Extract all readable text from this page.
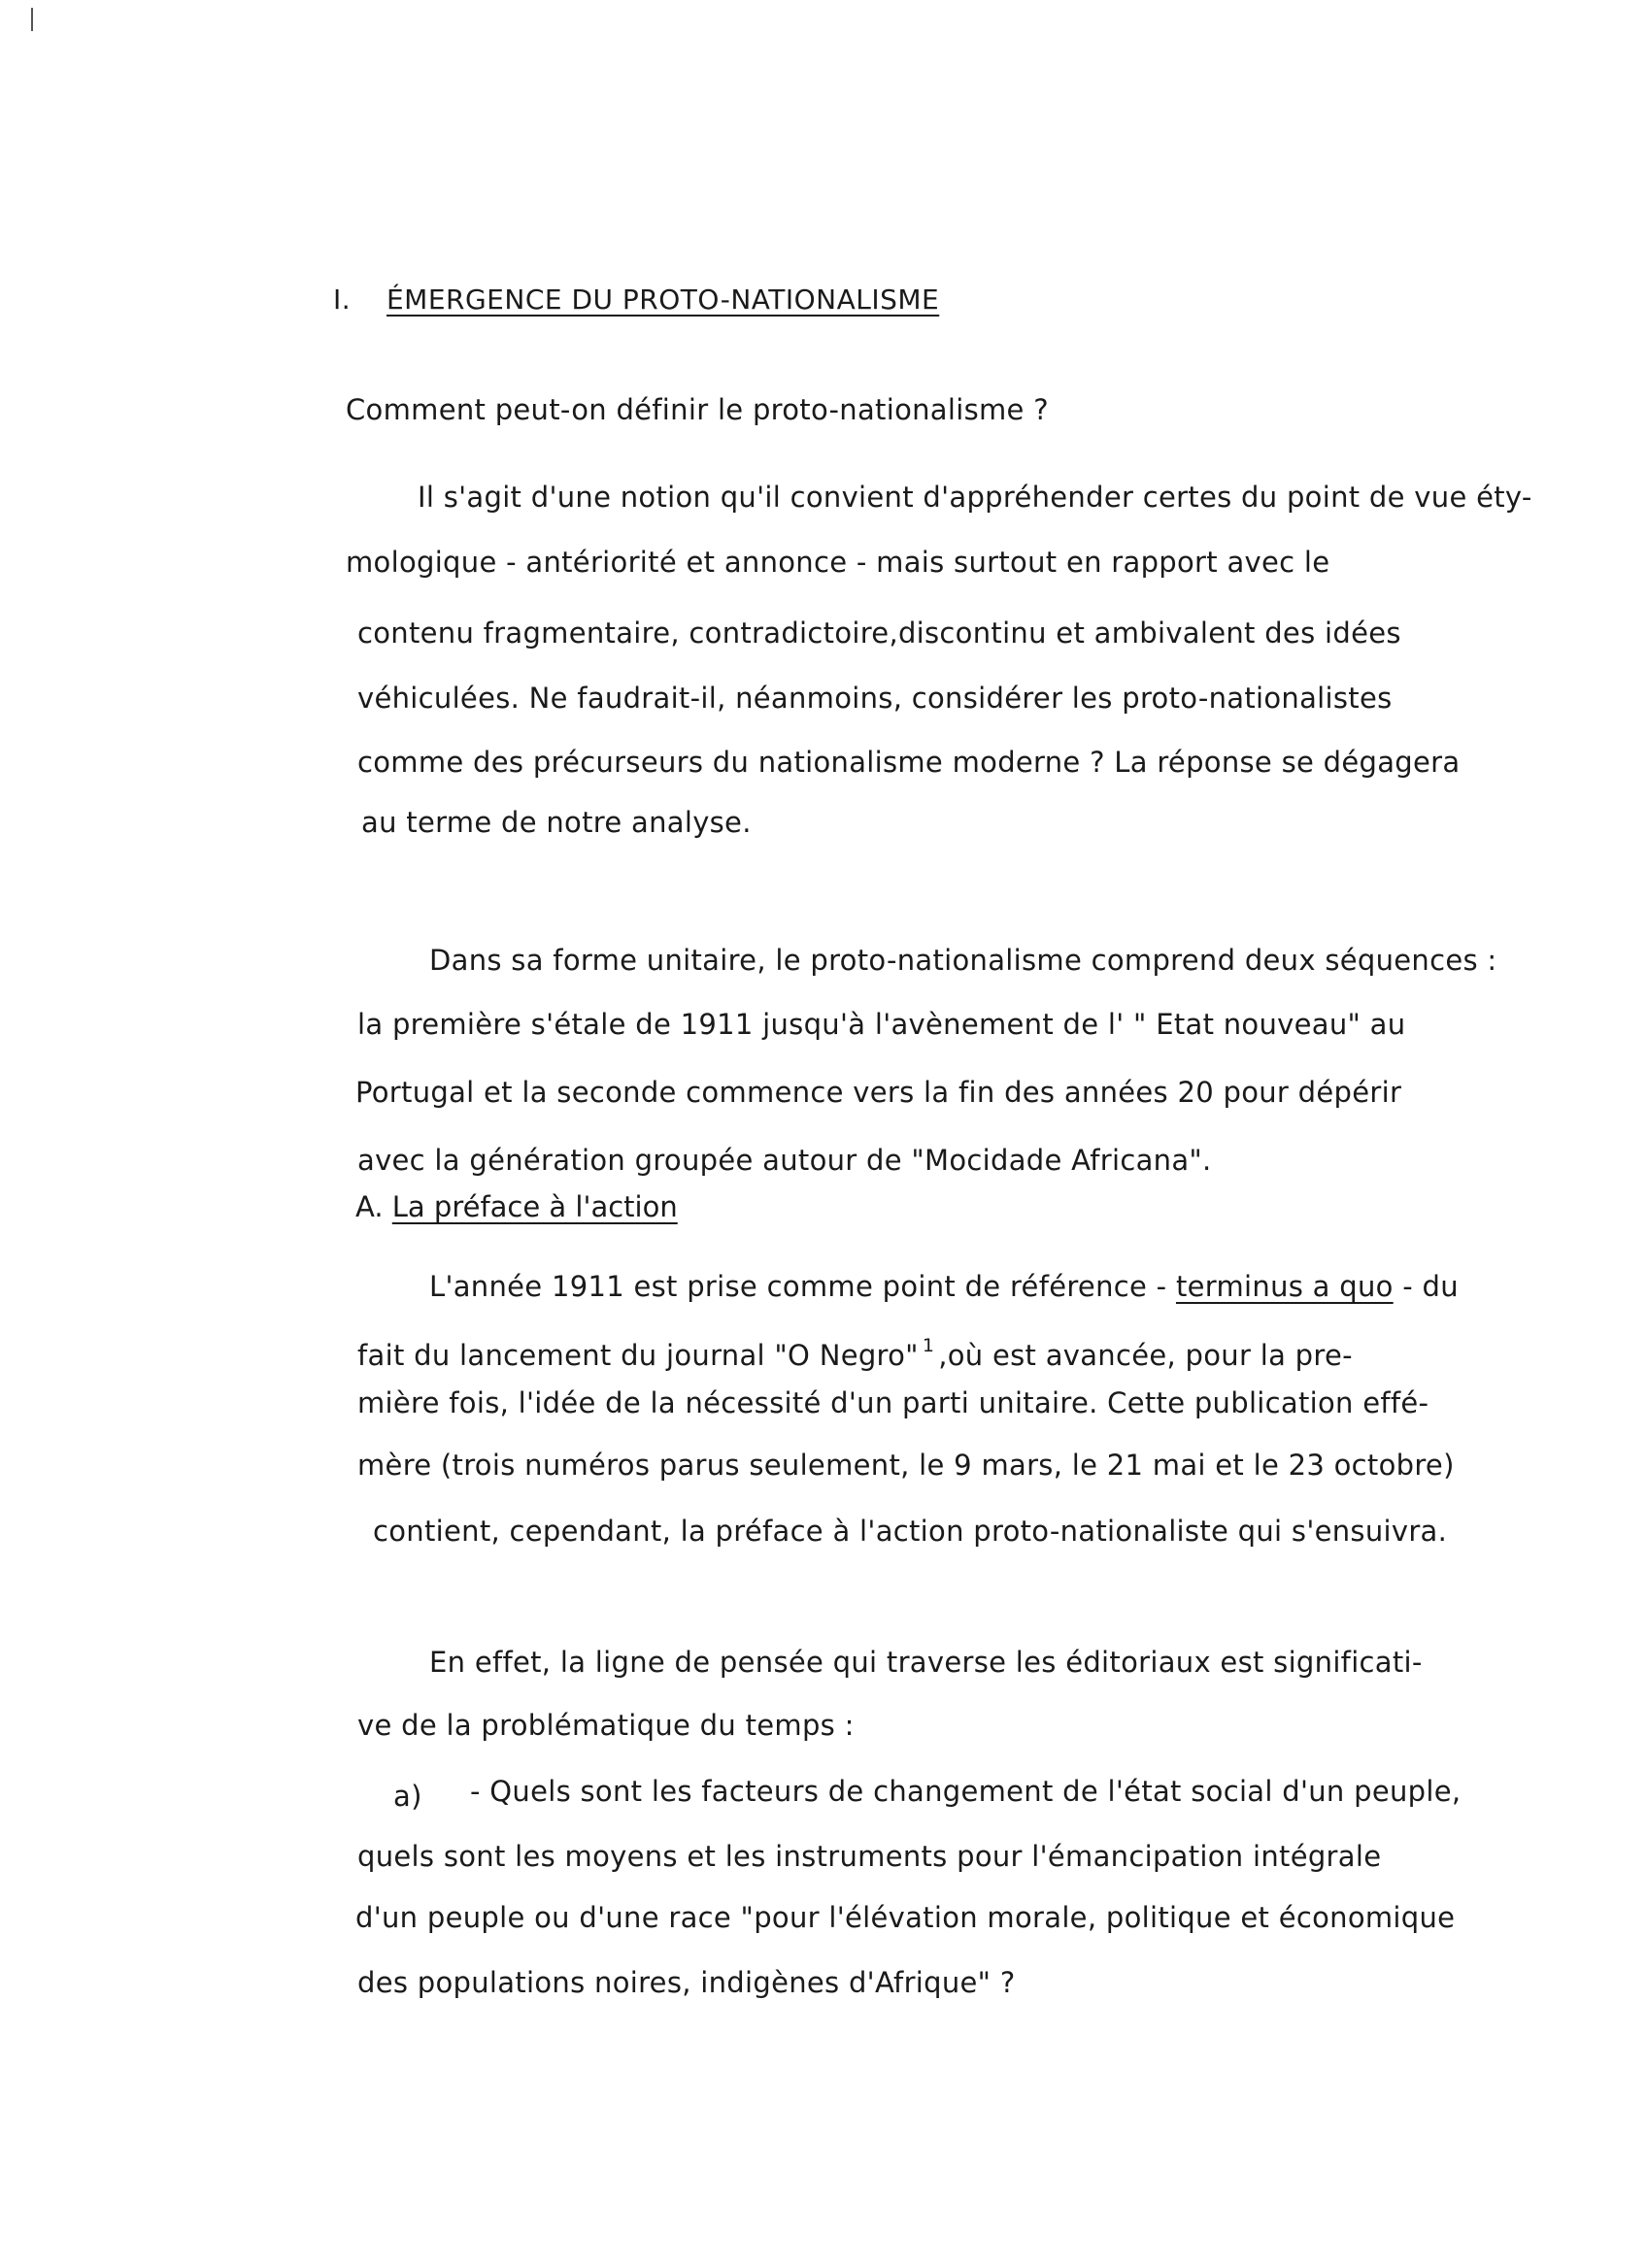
I. ÉMERGENCE DU PROTO-NATIONALISME
Comment peut-on définir le proto-nationalisme ?
Il s'agit d'une notion qu'il convient d'appréhender certes du point de vue éty-
mologique - antériorité et annonce - mais surtout en rapport avec le
contenu fragmentaire, contradictoire,discontinu et ambivalent des idées
véhiculées. Ne faudrait-il, néanmoins, considérer les proto-nationalistes
comme des précurseurs du nationalisme moderne ? La réponse se dégagera
au terme de notre analyse.
Dans sa forme unitaire, le proto-nationalisme comprend deux séquences :
la première s'étale de 1911 jusqu'à l'avènement de l' " Etat nouveau" au
Portugal et la seconde commence vers la fin des années 20 pour dépérir
avec la génération groupée autour de "Mocidade Africana".
A. La préface à l'action
L'année 1911 est prise comme point de référence - terminus a quo - du
fait du lancement du journal "O Negro" $^1$ ,où est avancée, pour la pre-
mière fois, l'idée de la nécessité d'un parti unitaire. Cette publication effé-
mère (trois numéros parus seulement, le 9 mars, le 21 mai et le 23 octobre)
contient, cependant, la préface à l'action proto-nationaliste qui s'ensuivra.
En effet, la ligne de pensée qui traverse les éditoriaux est significati-
ve de la problématique du temps :
a) - Quels sont les facteurs de changement de l'état social d'un peuple,
quels sont les moyens et les instruments pour l'émancipation intégrale
d'un peuple ou d'une race "pour l'élévation morale, politique et économique
des populations noires, indigènes d'Afrique" ?
